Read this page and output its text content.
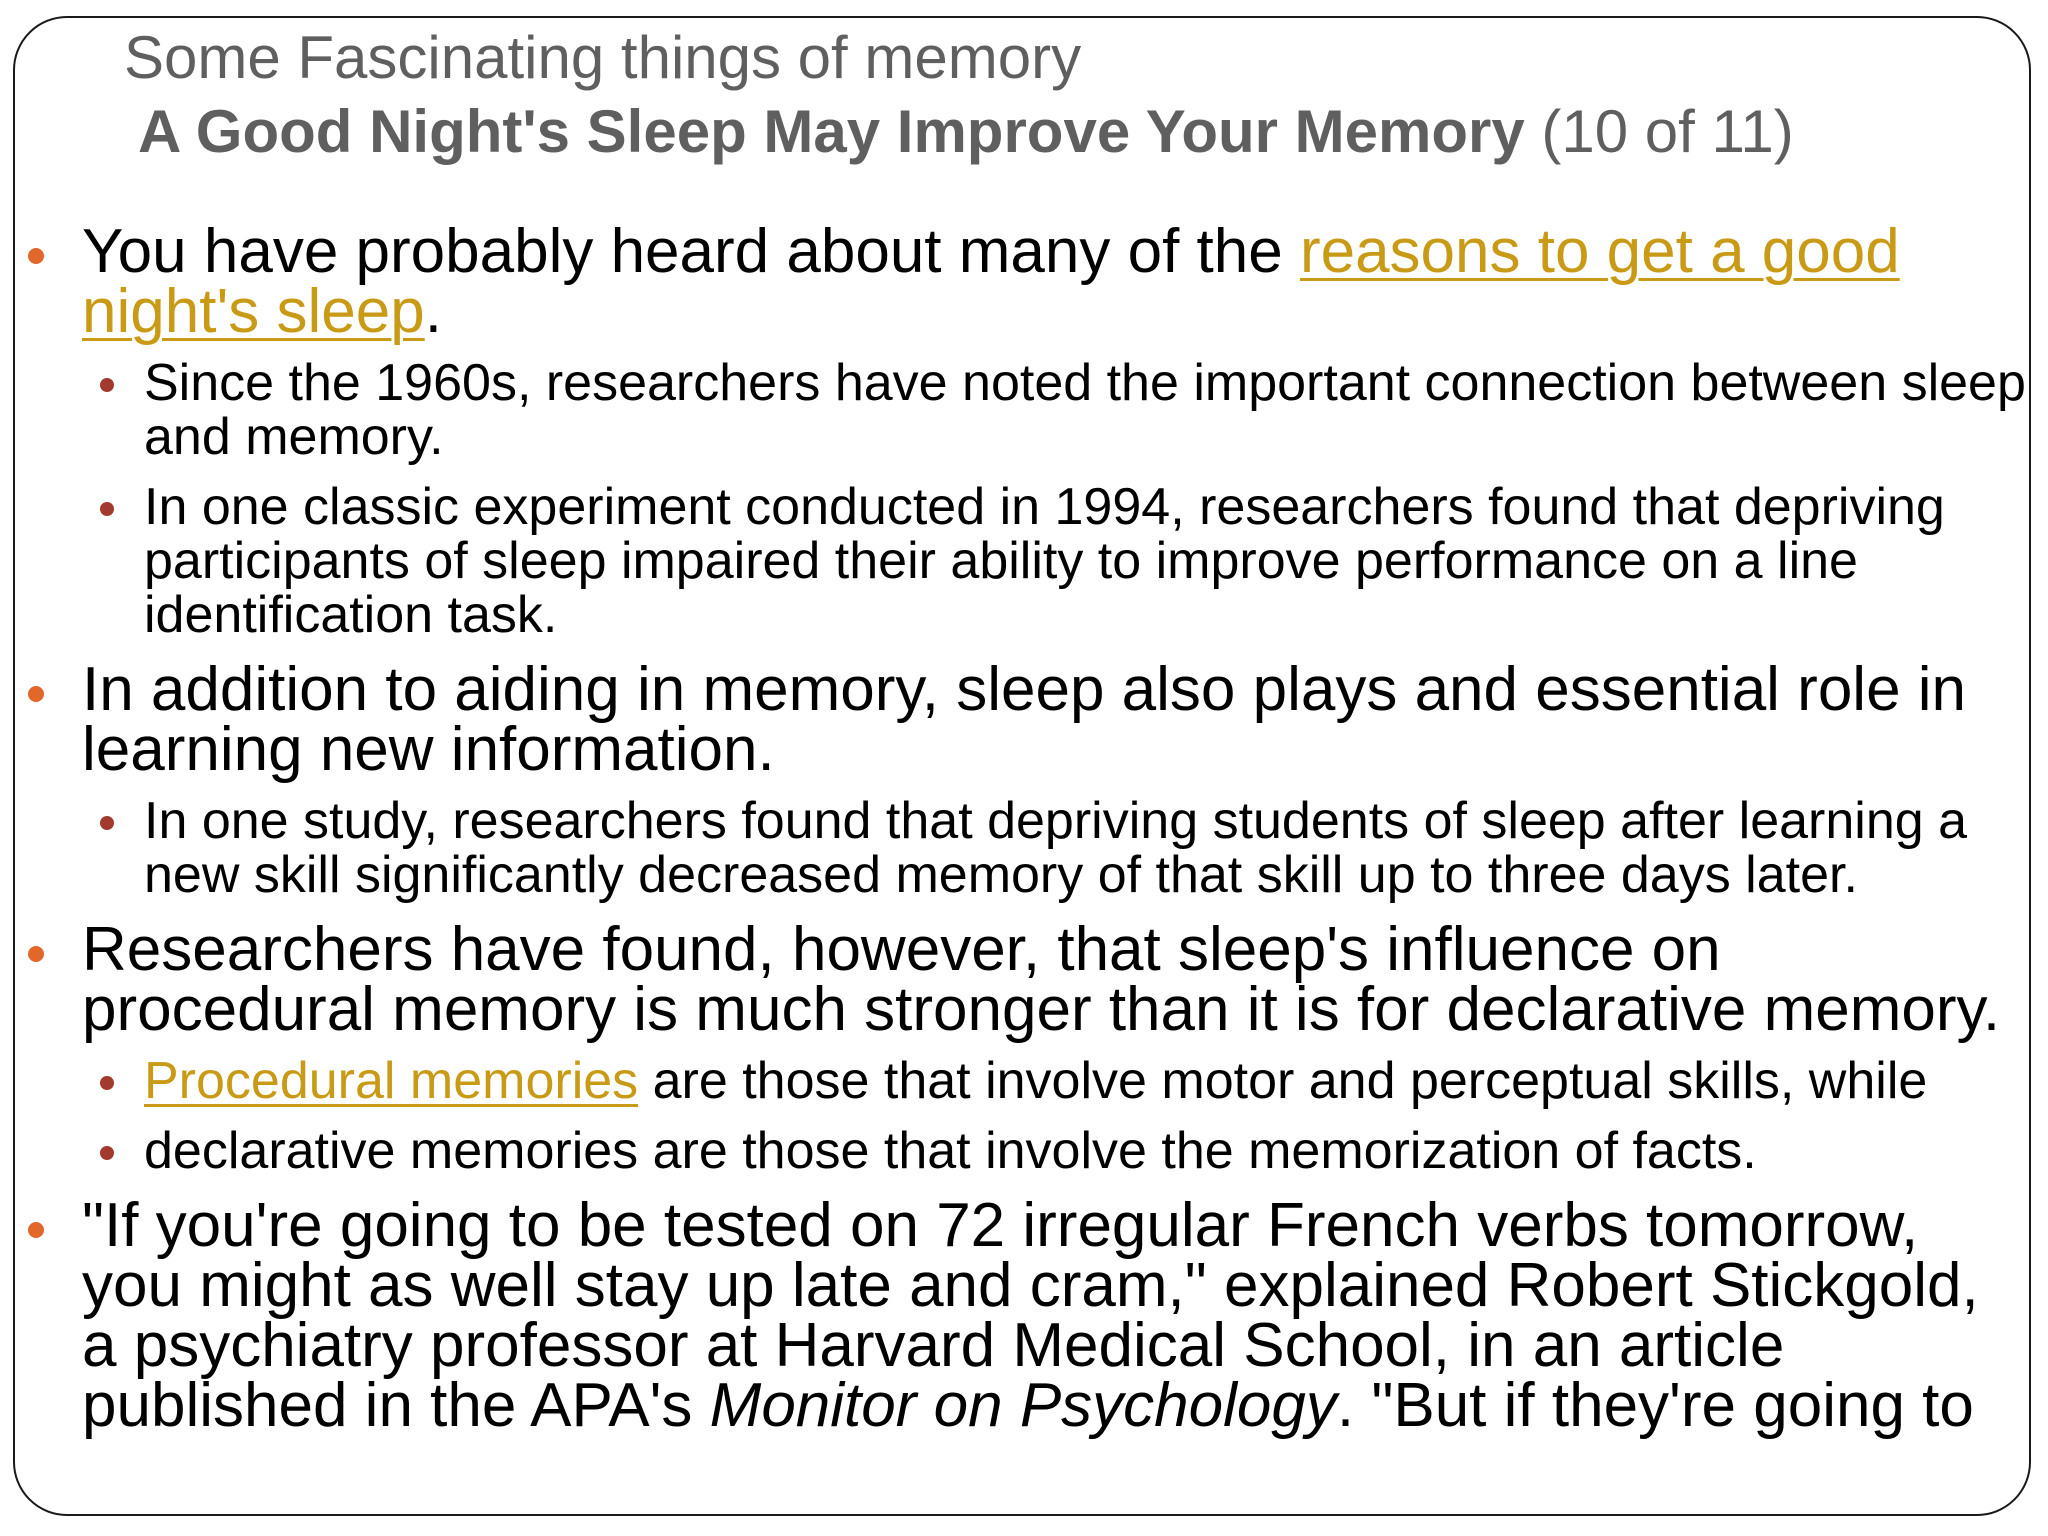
Some Fascinating things of memory
A Good Night's Sleep May Improve Your Memory (10 of 11)

You have probably heard about many of the reasons to get a good night's sleep.

Since the 1960s, researchers have noted the important connection between sleep and memory.

In one classic experiment conducted in 1994, researchers found that depriving participants of sleep impaired their ability to improve performance on a line identification task.

In addition to aiding in memory, sleep also plays and essential role in learning new information.

In one study, researchers found that depriving students of sleep after learning a new skill significantly decreased memory of that skill up to three days later.

Researchers have found, however, that sleep's influence on procedural memory is much stronger than it is for declarative memory.

Procedural memories are those that involve motor and perceptual skills, while

declarative memories are those that involve the memorization of facts.

"If you're going to be tested on 72 irregular French verbs tomorrow, you might as well stay up late and cram," explained Robert Stickgold, a psychiatry professor at Harvard Medical School, in an article published in the APA's Monitor on Psychology. "But if they're going to
